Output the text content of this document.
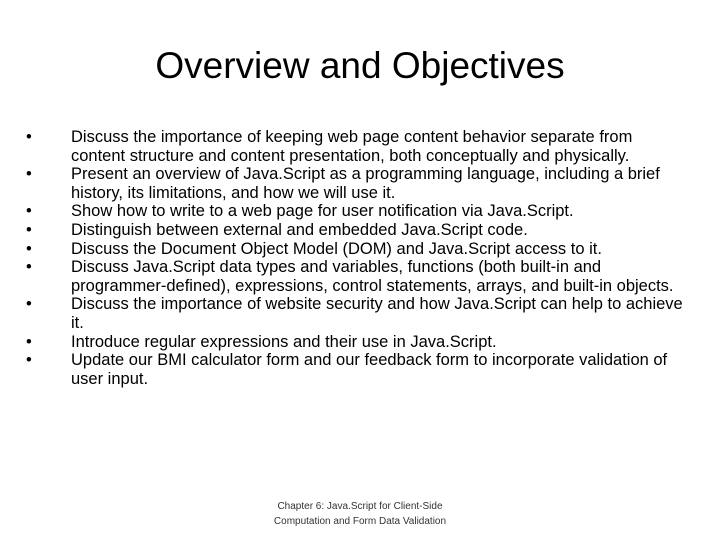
Overview and Objectives
•	Discuss the importance of keeping web page content behavior separate from content structure and content presentation, both conceptually and physically.
•	Present an overview of Java.Script as a programming language, including a brief history, its limitations, and how we will use it.
•	Show how to write to a web page for user notification via Java.Script.
•	Distinguish between external and embedded Java.Script code.
•	Discuss the Document Object Model (DOM) and Java.Script access to it.
•	Discuss Java.Script data types and variables, functions (both built-in and programmer-defined), expressions, control statements, arrays, and built-in objects.
•	Discuss the importance of website security and how Java.Script can help to achieve it.
•	Introduce regular expressions and their use in Java.Script.
•	Update our BMI calculator form and our feedback form to incorporate validation of user input.
Chapter 6: Java.Script for Client-Side
Computation and Form Data Validation
